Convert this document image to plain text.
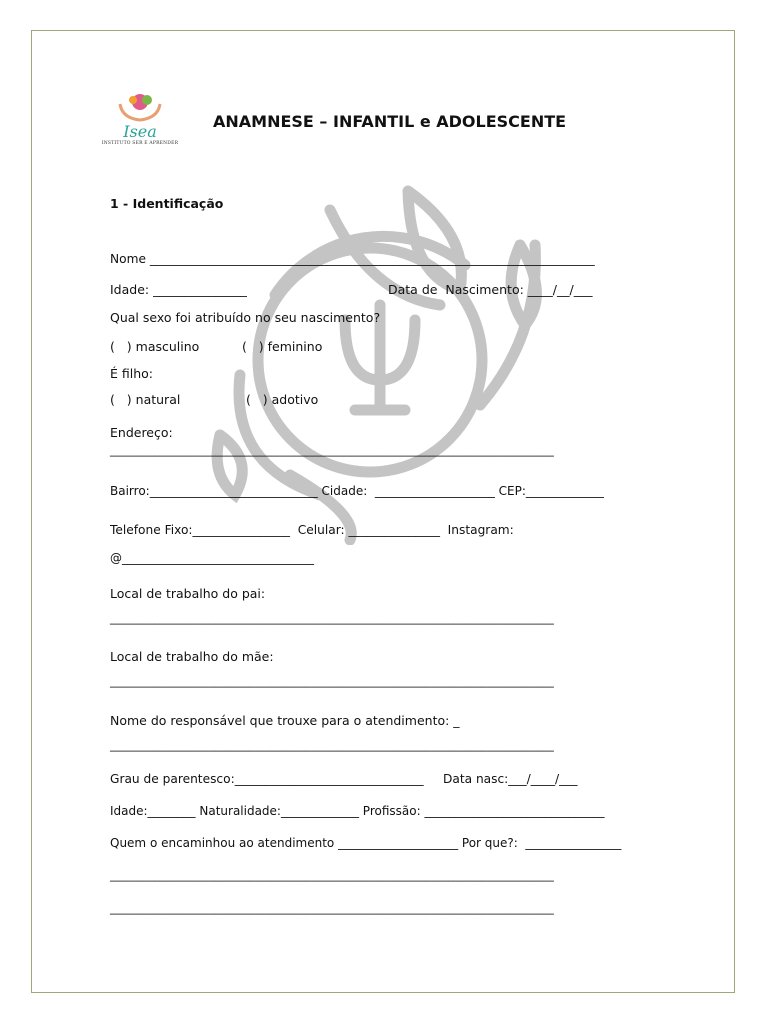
Isea
INSTITUTO SER E APRENDER
ANAMNESE – INFANTIL e ADOLESCENTE
1 - Identificação
Nome _________________________________________________________________________
Idade: _______________	Data de  Nascimento: ____/__/___
Qual sexo foi atribuído no seu nascimento?
(   ) masculino	(   ) feminino
É filho:
(   ) natural	(   ) adotivo
Endereço:
________________________________________________________________________________
Bairro:____________________________ Cidade:  ____________________ CEP:_____________
Telefone Fixo:________________  Celular: _______________  Instagram:
@________________________________
Local de trabalho do pai:
________________________________________________________________________________
Local de trabalho do mãe:
________________________________________________________________________________
Nome do responsável que trouxe para o atendimento: _
________________________________________________________________________________
Grau de parentesco:_______________________________     Data nasc:___/____/___
Idade:________ Naturalidade:_____________ Profissão: ______________________________
Quem o encaminhou ao atendimento ____________________ Por que?:  ________________
________________________________________________________________________________
________________________________________________________________________________
